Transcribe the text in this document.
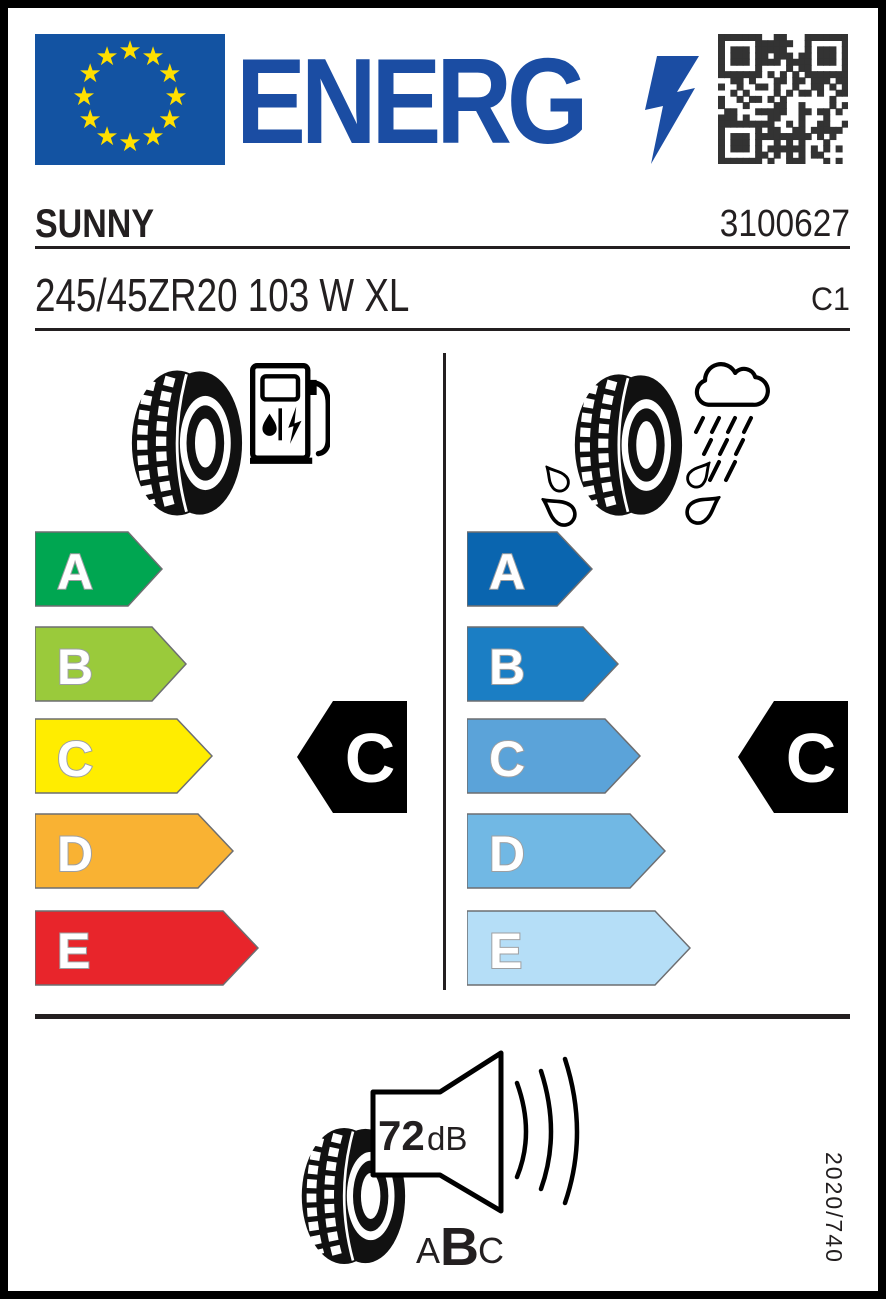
★ ★
★
★
★
★
★
★
★
★
★
★ ENERG
SUNNY	3100627
245/45ZR20 103 W XL	C1
A
B
C
D
E
C
A
B
C
D
E
C
72 dB
A B C	2020/740
